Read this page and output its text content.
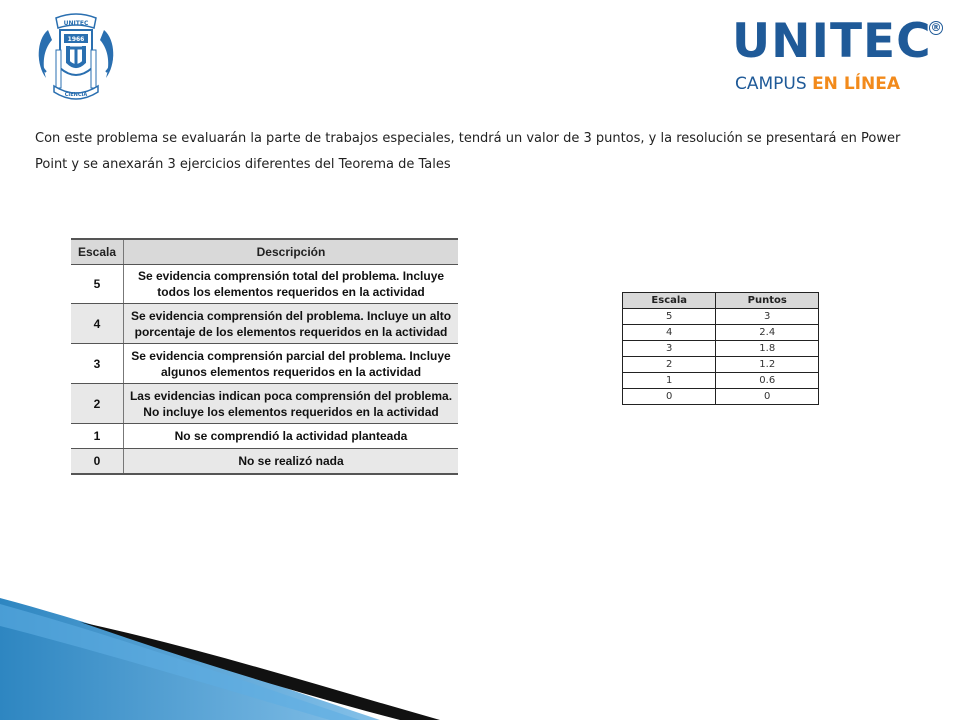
UNITEC
1966
CIENCIA
UNITEC
®
CAMPUS EN LÍNEA

Con este problema se evaluarán la parte de trabajos especiales, tendrá un valor de 3 puntos, y la resolución se presentará en Power Point y se anexarán 3 ejercicios diferentes del Teorema de Tales

Escala	Descripción
5	Se evidencia comprensión total del problema. Incluye todos los elementos requeridos en la actividad
4	Se evidencia comprensión del problema. Incluye un alto porcentaje de los elementos requeridos en la actividad
3	Se evidencia comprensión parcial del problema. Incluye algunos elementos requeridos en la actividad
2	Las evidencias indican poca comprensión del problema. No incluye los elementos requeridos en la actividad
1	No se comprendió la actividad planteada
0	No se realizó nada
Escala	Puntos
5	3
4	2.4
3	1.8
2	1.2
1	0.6
0	0
